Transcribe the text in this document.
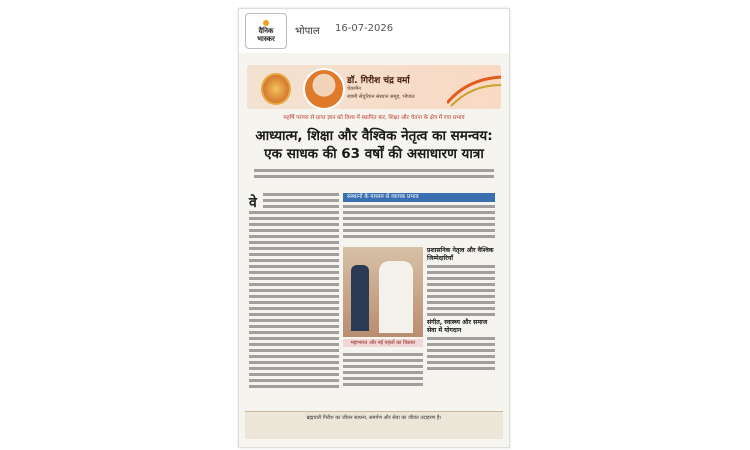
दैनिक
भास्कर
भोपाल 16-07-2026
डॉ. गिरीश चंद्र वर्मा
चेयरमैन
स्वामी सेंचुरियन संस्थान समूह, भोपाल
महर्षि परंपरा से प्राप्त ज्ञान को विश्व में स्थापित कर, शिक्षा और चेतना के क्षेत्र में रचा प्रभाव
आध्यात्म, शिक्षा और वैश्विक नेतृत्व का समन्वय:
एक साधक की 63 वर्षों की असाधारण यात्रा
वे	संस्थानों के माध्यम से व्यापक प्रभाव
महाभारत और नई पहलों का विस्तार
प्रशासनिक नेतृत्व और वैश्विक जिम्मेदारियाँ
संगीत, स्वास्थ्य और समाज सेवा में योगदान
ब्रह्मचारी गिरीश का जीवन साधना, समर्पण और सेवा का जीवंत उदाहरण है।
